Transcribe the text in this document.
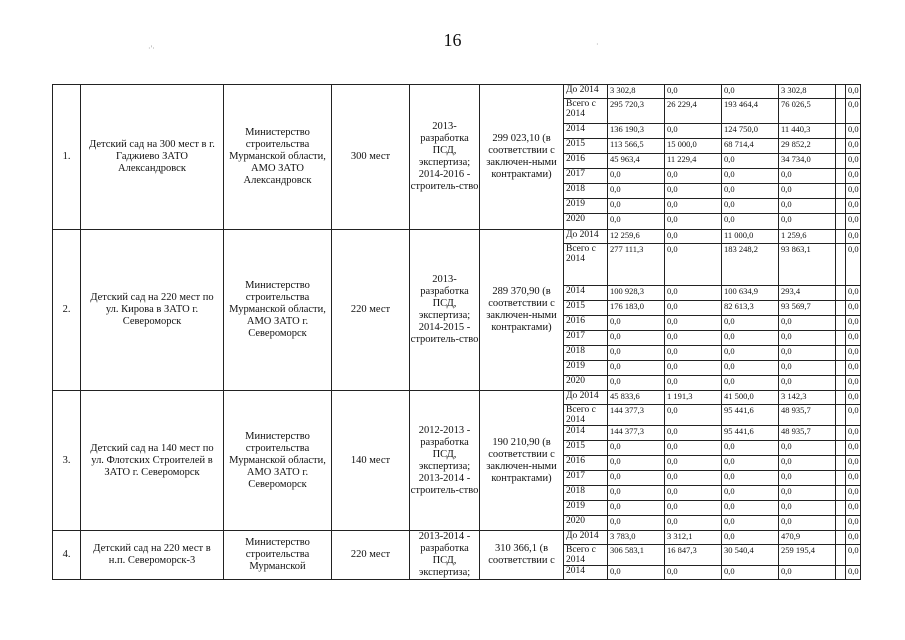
16
·'·	·
1.	Детский сад на 300 мест в г. Гаджиево ЗАТО Александровск	Министерство строительства Мурманской области, АМО ЗАТО Александровск	300 мест	2013-разработка ПСД, экспертиза; 2014-2016 - строитель-ство	299 023,10 (в соответствии с заключен-ными контрактами)	До 2014	3 302,8	0,0	0,0	3 302,8		0,0
						Всего с 2014	295 720,3	26 229,4	193 464,4	76 026,5		0,0
						2014	136 190,3	0,0	124 750,0	11 440,3		0,0
						2015	113 566,5	15 000,0	68 714,4	29 852,2		0,0
						2016	45 963,4	11 229,4	0,0	34 734,0		0,0
						2017	0,0	0,0	0,0	0,0		0,0
						2018	0,0	0,0	0,0	0,0		0,0
						2019	0,0	0,0	0,0	0,0		0,0
						2020	0,0	0,0	0,0	0,0		0,0
2.	Детский сад на 220 мест по ул. Кирова в ЗАТО г. Североморск	Министерство строительства Мурманской области, АМО ЗАТО г. Североморск	220 мест	2013-разработка ПСД, экспертиза; 2014-2015 - строитель-ство	289 370,90 (в соответствии с заключен-ными контрактами)	До 2014	12 259,6	0,0	11 000,0	1 259,6		0,0
						Всего с 2014	277 111,3	0,0	183 248,2	93 863,1		0,0
						2014	100 928,3	0,0	100 634,9	293,4		0,0
						2015	176 183,0	0,0	82 613,3	93 569,7		0,0
						2016	0,0	0,0	0,0	0,0		0,0
						2017	0,0	0,0	0,0	0,0		0,0
						2018	0,0	0,0	0,0	0,0		0,0
						2019	0,0	0,0	0,0	0,0		0,0
						2020	0,0	0,0	0,0	0,0		0,0
3.	Детский сад на 140 мест по ул. Флотских Строителей в ЗАТО г. Североморск	Министерство строительства Мурманской области, АМО ЗАТО г. Североморск	140 мест	2012-2013 - разработка ПСД, экспертиза; 2013-2014 - строитель-ство	190 210,90 (в соответствии с заключен-ными контрактами)	До 2014	45 833,6	1 191,3	41 500,0	3 142,3		0,0
						Всего с 2014	144 377,3	0,0	95 441,6	48 935,7		0,0
						2014	144 377,3	0,0	95 441,6	48 935,7		0,0
						2015	0,0	0,0	0,0	0,0		0,0
						2016	0,0	0,0	0,0	0,0		0,0
						2017	0,0	0,0	0,0	0,0		0,0
						2018	0,0	0,0	0,0	0,0		0,0
						2019	0,0	0,0	0,0	0,0		0,0
						2020	0,0	0,0	0,0	0,0		0,0
4.	Детский сад на 220 мест в н.п. Североморск-3	Министерство строительства Мурманской	220 мест	2013-2014 - разработка ПСД, экспертиза;	310 366,1 (в соответствии с	До 2014	3 783,0	3 312,1	0,0	470,9		0,0
						Всего с 2014	306 583,1	16 847,3	30 540,4	259 195,4		0,0
						2014	0,0	0,0	0,0	0,0		0,0
